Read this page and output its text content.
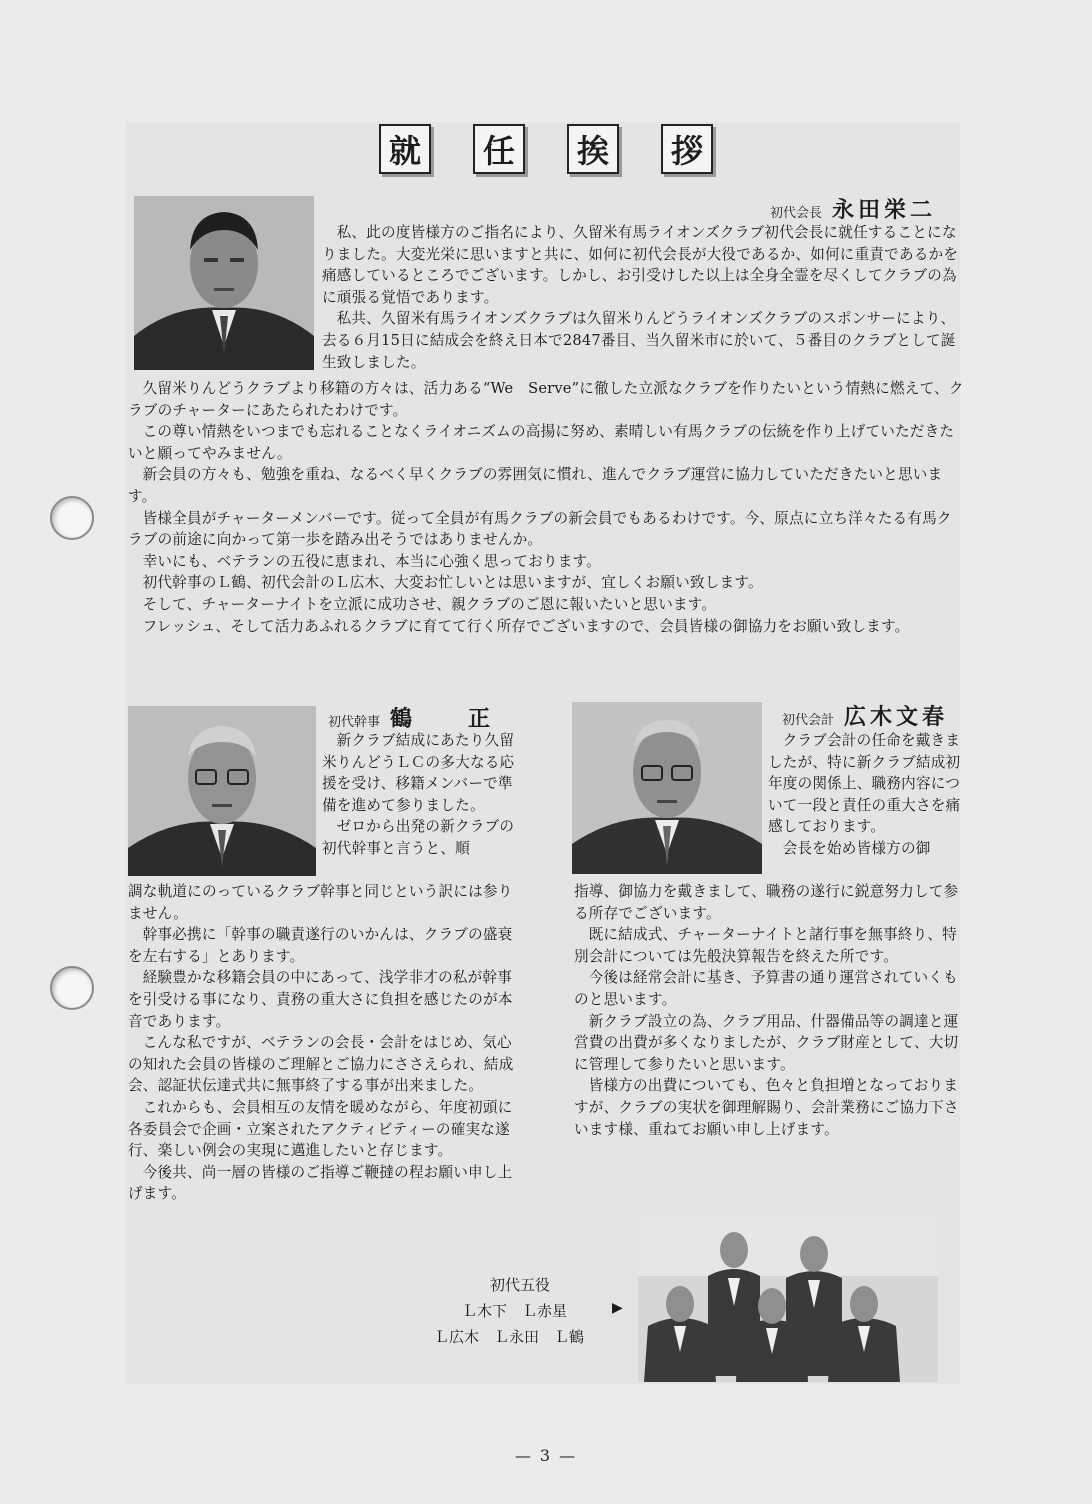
就	任	挨	拶
初代会長 永田栄二

私、此の度皆様方のご指名により、久留米有馬ライオンズクラブ初代会長に就任することになりました。大変光栄に思いますと共に、如何に初代会長が大役であるか、如何に重責であるかを痛感しているところでございます。しかし、お引受けした以上は全身全霊を尽くしてクラブの為に頑張る覚悟であります。

私共、久留米有馬ライオンズクラブは久留米りんどうライオンズクラブのスポンサーにより、去る６月15日に結成会を終え日本で2847番目、当久留米市に於いて、５番目のクラブとして誕生致しました。

久留米りんどうクラブより移籍の方々は、活力ある“We　Serve”に徹した立派なクラブを作りたいという情熱に燃えて、クラブのチャーターにあたられたわけです。

この尊い情熱をいつまでも忘れることなくライオニズムの高揚に努め、素晴しい有馬クラブの伝統を作り上げていただきたいと願ってやみません。

新会員の方々も、勉強を重ね、なるべく早くクラブの雰囲気に慣れ、進んでクラブ運営に協力していただきたいと思います。

皆様全員がチャーターメンバーです。従って全員が有馬クラブの新会員でもあるわけです。今、原点に立ち洋々たる有馬クラブの前途に向かって第一歩を踏み出そうではありませんか。

幸いにも、ベテランの五役に恵まれ、本当に心強く思っております。

初代幹事のＬ鶴、初代会計のＬ広木、大変お忙しいとは思いますが、宜しくお願い致します。

そして、チャーターナイトを立派に成功させ、親クラブのご恩に報いたいと思います。

フレッシュ、そして活力あふれるクラブに育てて行く所存でございますので、会員皆様の御協力をお願い致します。

初代幹事 鶴　　正

新クラブ結成にあたり久留米りんどうＬＣの多大なる応援を受け、移籍メンバーで準備を進めて参りました。

ゼロから出発の新クラブの初代幹事と言うと、順

調な軌道にのっているクラブ幹事と同じという訳には参りません。

幹事必携に「幹事の職責遂行のいかんは、クラブの盛衰を左右する」とあります。

経験豊かな移籍会員の中にあって、浅学非才の私が幹事を引受ける事になり、責務の重大さに負担を感じたのが本音であります。

こんな私ですが、ベテランの会長・会計をはじめ、気心の知れた会員の皆様のご理解とご協力にささえられ、結成会、認証状伝達式共に無事終了する事が出来ました。

これからも、会員相互の友情を暖めながら、年度初頭に各委員会で企画・立案されたアクティビティーの確実な遂行、楽しい例会の実現に邁進したいと存じます。

今後共、尚一層の皆様のご指導ご鞭撻の程お願い申し上げます。

初代会計 広木文春

クラブ会計の任命を戴きましたが、特に新クラブ結成初年度の関係上、職務内容について一段と責任の重大さを痛感しております。

会長を始め皆様方の御

指導、御協力を戴きまして、職務の遂行に鋭意努力して参る所存でございます。

既に結成式、チャーターナイトと諸行事を無事終り、特別会計については先般決算報告を終えた所です。

今後は経常会計に基き、予算書の通り運営されていくものと思います。

新クラブ設立の為、クラブ用品、什器備品等の調達と運営費の出費が多くなりましたが、クラブ財産として、大切に管理して参りたいと思います。

皆様方の出費についても、色々と負担増となっておりますが、クラブの実状を御理解賜り、会計業務にご協力下さいます様、重ねてお願い申し上げます。

初代五役
Ｌ木下　Ｌ赤星
Ｌ広木　Ｌ永田　Ｌ鶴
▶
— 3 —
